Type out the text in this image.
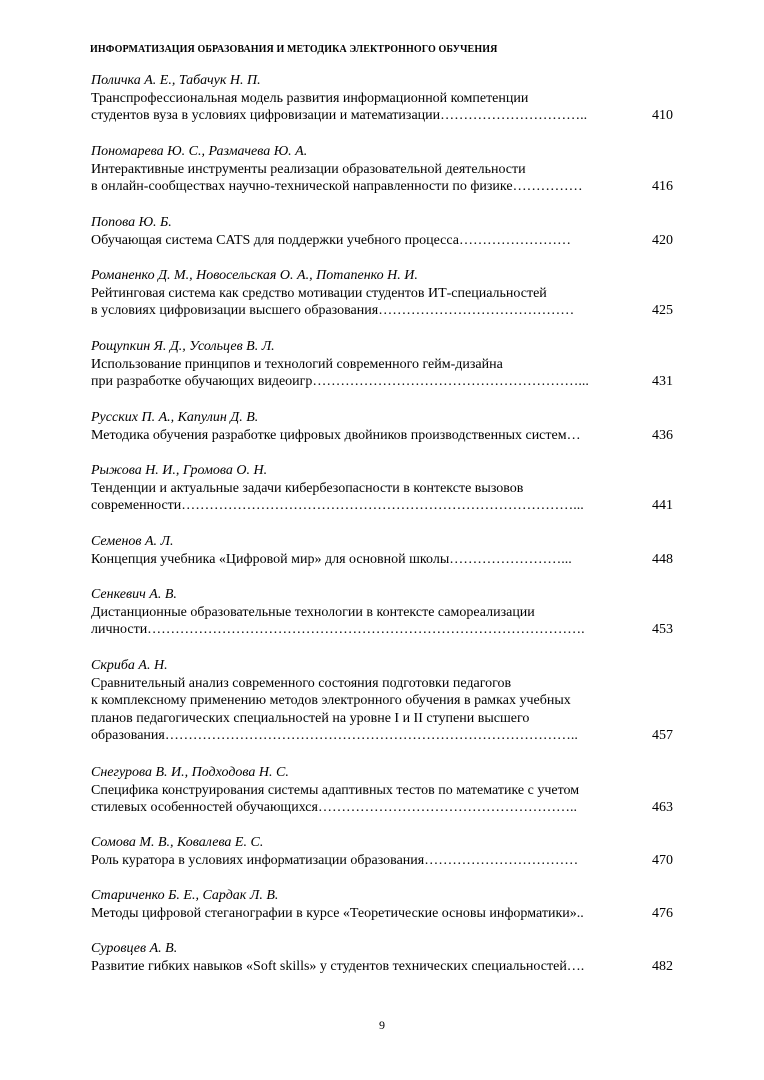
ИНФОРМАТИЗАЦИЯ ОБРАЗОВАНИЯ И МЕТОДИКА ЭЛЕКТРОННОГО ОБУЧЕНИЯ
Поличка А. Е., Табачук Н. П.
Транспрофессиональная модель развития информационной компетенции
студентов вуза в условиях цифровизации и математизации…………………………..	410
Пономарева Ю. С., Размачева Ю. А.
Интерактивные инструменты реализации образовательной деятельности
в онлайн-сообществах научно-технической направленности по физике……………	416
Попова Ю. Б.
Обучающая система CATS для поддержки учебного процесса……………………	420
Романенко Д. М., Новосельская О. А., Потапенко Н. И.
Рейтинговая система как средство мотивации студентов ИТ-специальностей
в условиях цифровизации высшего образования……………………………………	425
Рощупкин Я. Д., Усольцев В. Л.
Использование принципов и технологий современного гейм-дизайна
при разработке обучающих видеоигр…………………………………………………...	431
Русских П. А., Капулин Д. В.
Методика обучения разработке цифровых двойников производственных систем…	436
Рыжова Н. И., Громова О. Н.
Тенденции и актуальные задачи кибербезопасности в контексте вызовов
современности…………………………………………………………………………...	441
Семенов А. Л.
Концепция учебника «Цифровой мир» для основной школы……………………...	448
Сенкевич А. В.
Дистанционные образовательные технологии в контексте самореализации
личности………………………………………………………………………………….	453
Скриба А. Н.
Сравнительный анализ современного состояния подготовки педагогов
к комплексному применению методов электронного обучения в рамках учебных
планов педагогических специальностей на уровне I и II ступени высшего
образования……………………………………………………………………………..	457
Снегурова В. И., Подходова Н. С.
Специфика конструирования системы адаптивных тестов по математике с учетом
стилевых особенностей обучающихся………………………………………………..	463
Сомова М. В., Ковалева Е. С.
Роль куратора в условиях информатизации образования……………………………	470
Стариченко Б. Е., Сардак Л. В.
Методы цифровой стеганографии в курсе «Теоретические основы информатики»..	476
Суровцев А. В.
Развитие гибких навыков «Soft skills» у студентов технических специальностей….	482
9
